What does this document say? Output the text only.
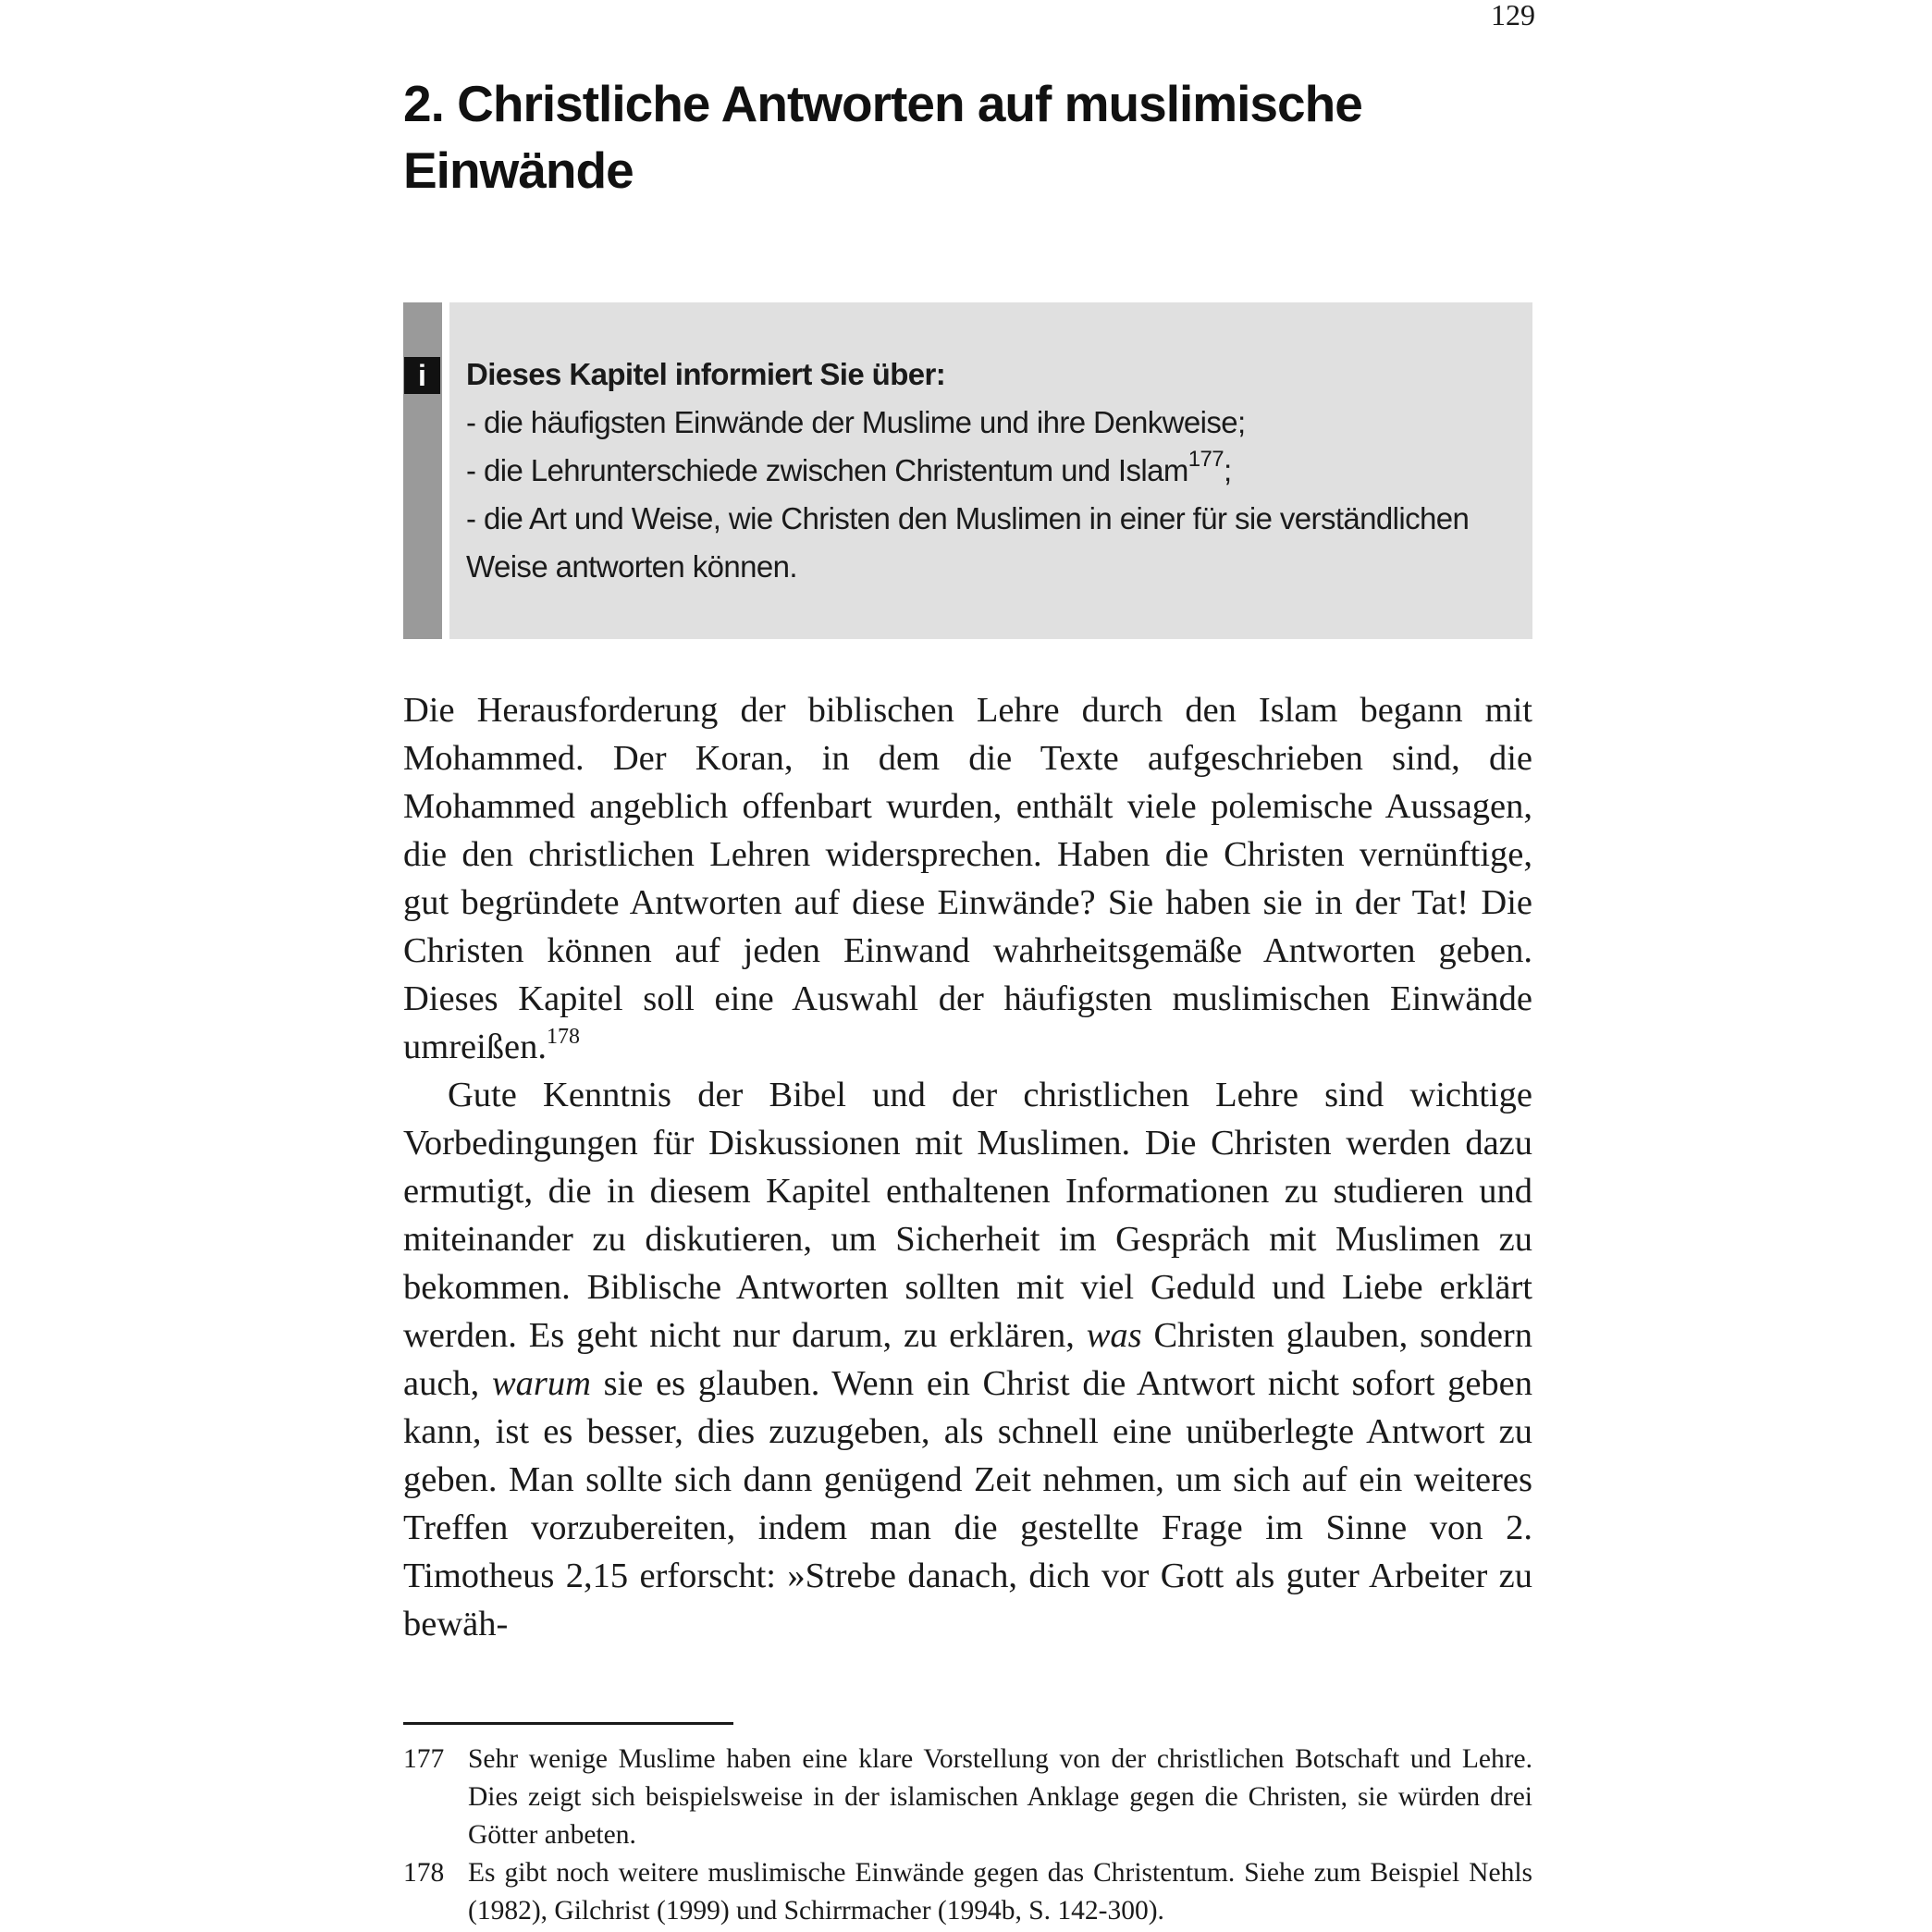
129
2. Christliche Antworten auf muslimische Einwände
i	Dieses Kapitel informiert Sie über:
- die häufigsten Einwände der Muslime und ihre Denkweise;
- die Lehrunterschiede zwischen Christentum und Islam$^{177}$;
- die Art und Weise, wie Christen den Muslimen in einer für sie verständlichen Weise antworten können.

Die Herausforderung der biblischen Lehre durch den Islam begann mit Mohammed. Der Koran, in dem die Texte aufgeschrieben sind, die Mohammed angeblich offenbart wurden, enthält viele polemische Aussagen, die den christlichen Lehren widersprechen. Haben die Christen vernünftige, gut begründete Antworten auf diese Einwände? Sie haben sie in der Tat! Die Christen können auf jeden Einwand wahrheitsgemäße Antworten geben. Dieses Kapitel soll eine Auswahl der häufigsten muslimischen Einwände umreißen.$^{178}$

Gute Kenntnis der Bibel und der christlichen Lehre sind wichtige Vorbedingungen für Diskussionen mit Muslimen. Die Christen werden dazu ermutigt, die in diesem Kapitel enthaltenen Informationen zu studieren und miteinander zu diskutieren, um Sicherheit im Gespräch mit Muslimen zu bekommen. Biblische Antworten sollten mit viel Geduld und Liebe erklärt werden. Es geht nicht nur darum, zu erklären, was Christen glauben, sondern auch, warum sie es glauben. Wenn ein Christ die Antwort nicht sofort geben kann, ist es besser, dies zuzugeben, als schnell eine unüberlegte Antwort zu geben. Man sollte sich dann genügend Zeit nehmen, um sich auf ein weiteres Treffen vorzubereiten, indem man die gestellte Frage im Sinne von 2. Timotheus 2,15 erforscht: »Strebe danach, dich vor Gott als guter Arbeiter zu bewäh-

177 Sehr wenige Muslime haben eine klare Vorstellung von der christlichen Botschaft und Lehre. Dies zeigt sich beispielsweise in der islamischen Anklage gegen die Christen, sie würden drei Götter anbeten.
178 Es gibt noch weitere muslimische Einwände gegen das Christentum. Siehe zum Beispiel Nehls (1982), Gilchrist (1999) und Schirrmacher (1994b, S. 142-300).
